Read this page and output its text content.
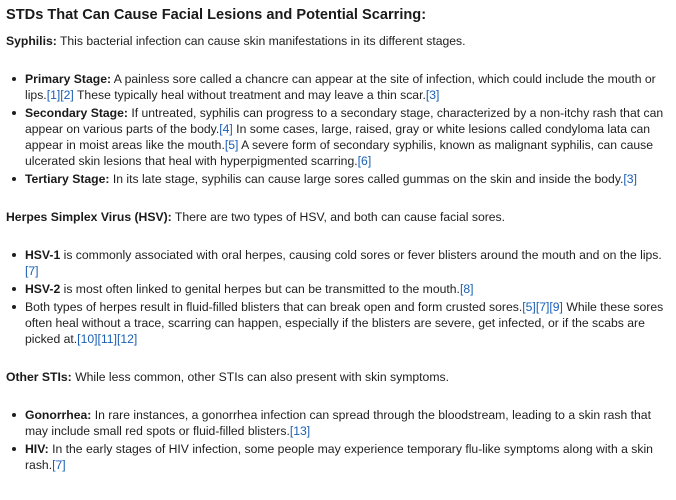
STDs That Can Cause Facial Lesions and Potential Scarring:

Syphilis: This bacterial infection can cause skin manifestations in its different stages.

Primary Stage: A painless sore called a chancre can appear at the site of infection, which could include the mouth or lips. [ 1 ] [ 2 ] These typically heal without treatment and may leave a thin scar. [ 3 ]
Secondary Stage: If untreated, syphilis can progress to a secondary stage, characterized by a non-itchy rash that can appear on various parts of the body. [ 4 ] In some cases, large, raised, gray or white lesions called condyloma lata can appear in moist areas like the mouth. [ 5 ] A severe form of secondary syphilis, known as malignant syphilis, can cause ulcerated skin lesions that heal with hyperpigmented scarring. [ 6 ]
Tertiary Stage: In its late stage, syphilis can cause large sores called gummas on the skin and inside the body. [ 3 ]

Herpes Simplex Virus (HSV): There are two types of HSV, and both can cause facial sores.

HSV-1 is commonly associated with oral herpes, causing cold sores or fever blisters around the mouth and on the lips.[ 7 ]
HSV-2 is most often linked to genital herpes but can be transmitted to the mouth. [ 8 ]
Both types of herpes result in fluid-filled blisters that can break open and form crusted sores. [ 5 ] [ 7 ] [ 9 ] While these sores often heal without a trace, scarring can happen, especially if the blisters are severe, get infected, or if the scabs are picked at. [ 10 ] [ 11 ] [ 12 ]

Other STIs: While less common, other STIs can also present with skin symptoms.

Gonorrhea: In rare instances, a gonorrhea infection can spread through the bloodstream, leading to a skin rash that may include small red spots or fluid-filled blisters. [ 13 ]
HIV: In the early stages of HIV infection, some people may experience temporary flu-like symptoms along with a skin rash. [ 7 ]
